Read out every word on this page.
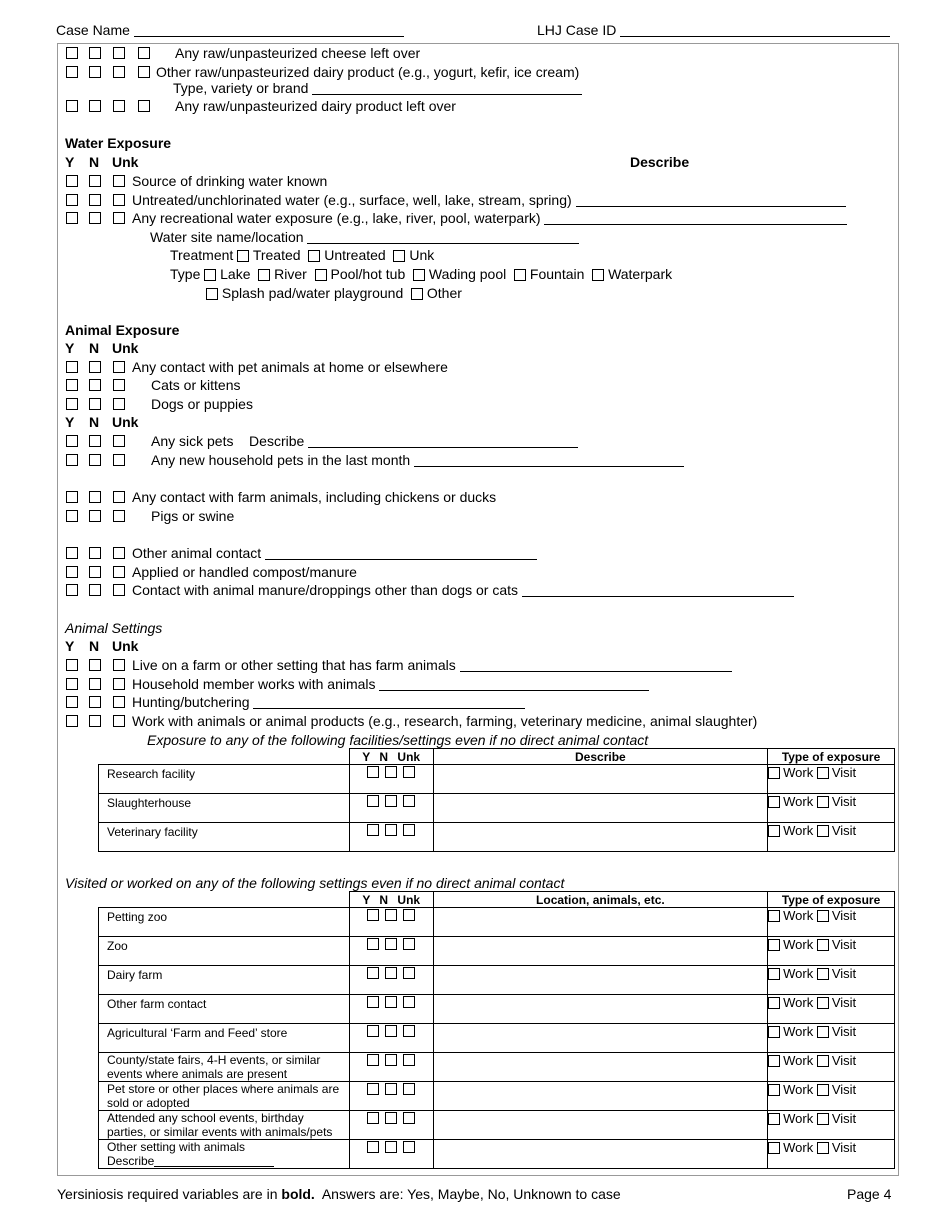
Case Name	LHJ Case ID
Any raw/unpasteurized cheese left over
Other raw/unpasteurized dairy product (e.g., yogurt, kefir, ice cream)
Type, variety or brand
Any raw/unpasteurized dairy product left over
Water Exposure
Y N Unk	Describe
Source of drinking water known
Untreated/unchlorinated water (e.g., surface, well, lake, stream, spring)
Any recreational water exposure (e.g., lake, river, pool, waterpark)
Water site name/location
Treatment Treated Untreated Unk
Type Lake River Pool/hot tub Wading pool Fountain Waterpark
Splash pad/water playground Other
Animal Exposure
Y N Unk
Any contact with pet animals at home or elsewhere
Cats or kittens
Dogs or puppies
Y N Unk
Any sick pets Describe
Any new household pets in the last month
Any contact with farm animals, including chickens or ducks
Pigs or swine
Other animal contact
Applied or handled compost/manure
Contact with animal manure/droppings other than dogs or cats
Animal Settings
Y N Unk
Live on a farm or other setting that has farm animals
Household member works with animals
Hunting/butchering
Work with animals or animal products (e.g., research, farming, veterinary medicine, animal slaughter)
Exposure to any of the following facilities/settings even if no direct animal contact
	Y N Unk	Describe	Type of exposure

Research facility			Work Visit

Slaughterhouse			Work Visit

Veterinary facility			Work Visit
Visited or worked on any of the following settings even if no direct animal contact
	Y N Unk	Location, animals, etc.	Type of exposure

Petting zoo			Work Visit

Zoo			Work Visit

Dairy farm			Work Visit

Other farm contact			Work Visit

Agricultural ‘Farm and Feed’ store			Work Visit

County/state fairs, 4-H events, or similar events where animals are present			Work Visit

Pet store or other places where animals are sold or adopted			Work Visit

Attended any school events, birthday parties, or similar events with animals/pets			Work Visit

Other setting with animals
Describe			Work Visit
Yersiniosis required variables are in bold. Answers are: Yes, Maybe, No, Unknown to case	Page 4
